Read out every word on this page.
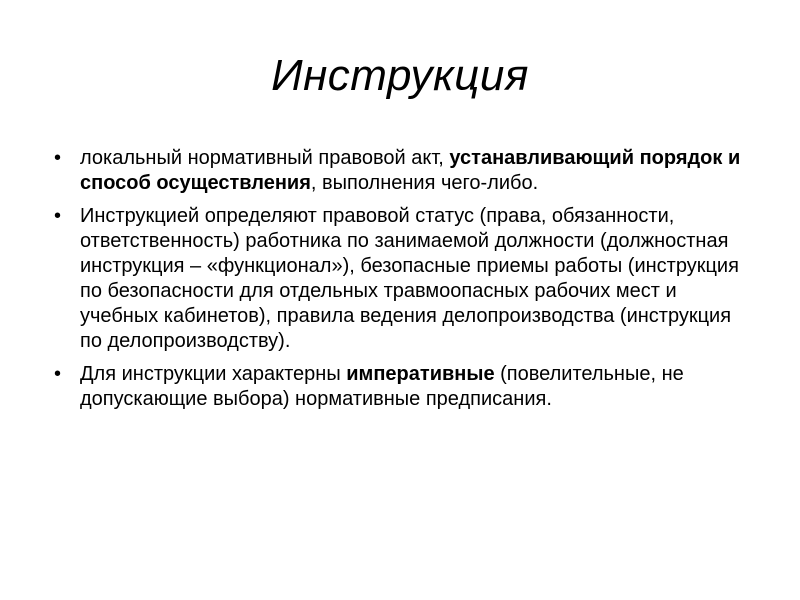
Инструкция
• локальный нормативный правовой акт, устанавливающий порядок и способ осуществления, выполнения чего-либо.
• Инструкцией определяют правовой статус (права, обязанности, ответственность) работника по занимаемой должности (должностная инструкция – «функционал»), безопасные приемы работы (инструкция по безопасности для отдельных травмоопасных рабочих мест и учебных кабинетов), правила ведения делопроизводства (инструкция по делопроизводству).
• Для инструкции характерны императивные (повелительные, не допускающие выбора) нормативные предписания.
